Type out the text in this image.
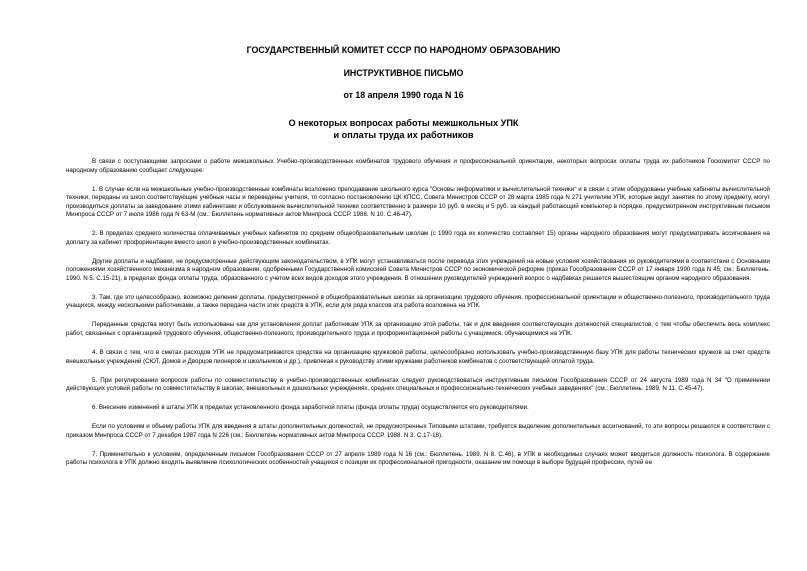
ГОСУДАРСТВЕННЫЙ КОМИТЕТ СССР ПО НАРОДНОМУ ОБРАЗОВАНИЮ
ИНСТРУКТИВНОЕ ПИСЬМО
от 18 апреля 1990 года N 16
О некоторых вопросах работы межшкольных УПК
и оплаты труда их работников

В связи с поступающими запросами о работе межшкольных Учебно-производственных комбинатов трудового обучения и профессиональной ориентации, некоторых вопросах оплаты труда их работников Госкомитет СССР по народному образованию сообщает следующее:

1. В случае если на межшкольные учебно-производственные комбинаты возложено преподавание школьного курса "Основы информатики и вычислительной техники" и в связи с этим оборудованы учебные кабинеты вычислительной техники, переданы из школ соответствующие учебные часы и переведены учителя, то согласно постановлению ЦК КПСС, Совета Министров СССР от 28 марта 1985 года N 271 учителям УПК, которые ведут занятия по этому предмету, могут производиться доплаты за заведование этими кабинетами и обслуживание вычислительной техники соответственно в размере 10 руб. в месяц и 5 руб. за каждый работающий компьютер в порядке, предусмотренном инструктивным письмом Минпроса СССР от 7 июля 1986 года N 63-М (см.: Бюллетень нормативных актов Минпроса СССР. 1986. N 10. С.46-47).

2. В пределах среднего количества оплачиваемых учебных кабинетов по средним общеобразовательным школам (с 1990 года их количество составляет 15) органы народного образования могут предусматривать ассигнования на доплату за кабинет профориентации вместо школ в учебно-производственных комбинатах.

Другие доплаты и надбавки, не предусмотренные действующим законодательством, в УПК могут устанавливаться после перевода этих учреждений на новые условия хозяйствования их руководителями в соответствии с Основными положениями хозяйственного механизма в народном образовании, одобренными Государственной комиссией Совета Министров СССР по экономической реформе (приказ Гособразования СССР от 17 января 1990 года N 45; см.: Бюллетень. 1990. N 5. С.15-21), в пределах фонда оплаты труда, образованного с учетом всех видов доходов этого учреждения. В отношении руководителей учреждений вопрос о надбавках решается вышестоящим органом народного образования.

3. Там, где это целесообразно, возможно деление доплаты, предусмотренной в общеобразовательных школах за организацию трудового обучения, профессиональной ориентации и общественно-полезного, производительного труда учащихся, между несколькими работниками, а также передача части этих средств в УПК, если для ряда классов эта работа возложена на УПК.

Переданные средства могут быть использованы как для установления доплат работникам УПК за организацию этой работы, так и для введения соответствующих должностей специалистов, с тем чтобы обеспечить весь комплекс работ, связанных с организацией трудового обучения, общественно-полезного, производительного труда и профориентационной работы с учащимися, обучающимися на УПК.

4. В связи с тем, что в сметах расходов УПК не предусматриваются средства на организацию кружковой работы, целесообразно использовать учебно-производственную базу УПК для работы технических кружков за счет средств внешкольных учреждений (СЮТ, Домов и Дворцов пионеров и школьников и др.), привлекая к руководству этими кружками работников комбинатов с соответствующей оплатой труда.

5. При регулировании вопросов работы по совместительству в учебно-производственных комбинатах следует руководствоваться инструктивным письмом Гособразования СССР от 24 августа 1989 года N 34 "О применении действующих условий работы по совместительству в школах, внешкольных и дошкольных учреждениях, средних специальных и профессионально-технических учебных заведениях" (см.: Бюллетень. 1989. N 11. С.45-47).

6. Внесение изменений в штаты УПК в пределах установленного фонда заработной платы (фонда оплаты труда) осуществляется его руководителями.

Если по условиям и объему работы УПК для введения в штаты дополнительных должностей, не предусмотренных Типовыми штатами, требуется выделение дополнительных ассигнований, то эти вопросы решаются в соответствии с приказом Минпроса СССР от 7 декабря 1987 года N 226 (см.: Бюллетень нормативных актов Минпроса СССР. 1988. N 3. С.17-18).

7. Применительно к условиям, определенным письмом Гособразования СССР от 27 апреля 1989 года N 16 (см.: Бюллетень. 1989. N 8. С.46), в УПК в необходимых случаях может вводиться должность психолога. В содержание работы психолога в УПК должно входить выявление психологических особенностей учащихся с позиции их профессиональной пригодности, оказание им помощи в выборе будущей профессии, путей ее
